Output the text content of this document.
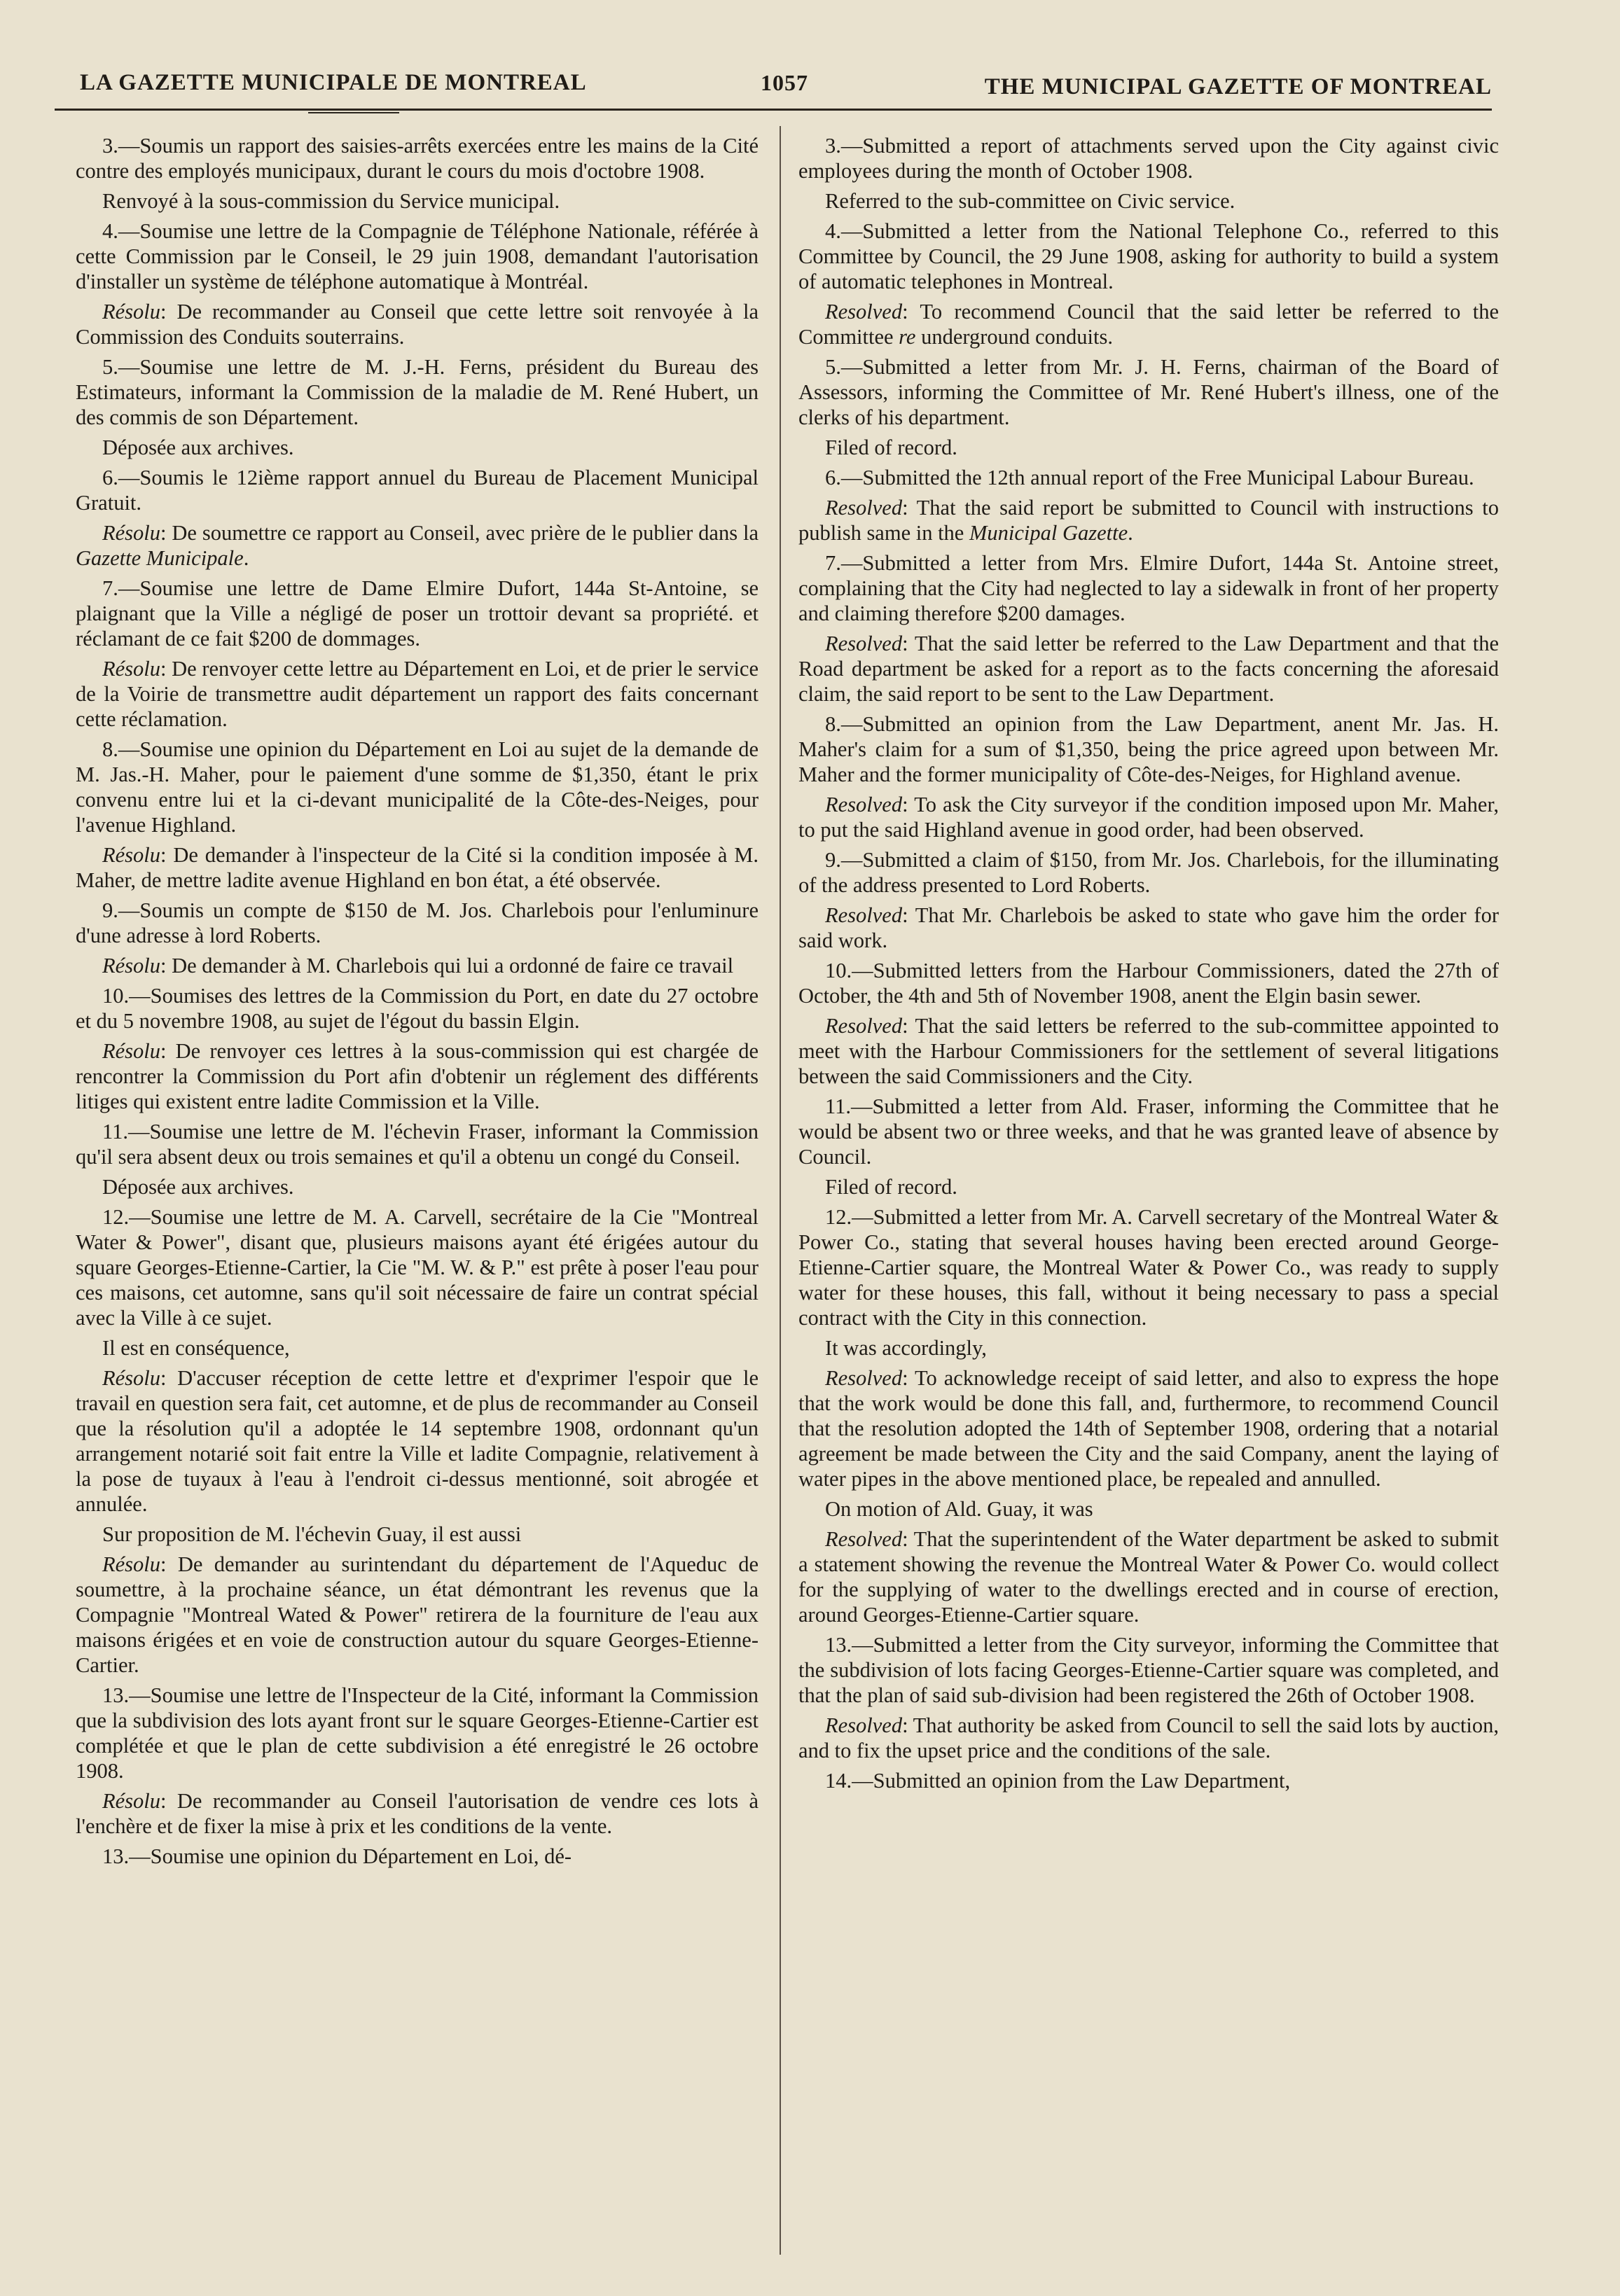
LA GAZETTE MUNICIPALE DE MONTREAL	1057	THE MUNICIPAL GAZETTE OF MONTREAL

3.—Soumis un rapport des saisies-arrêts exercées entre les mains de la Cité contre des employés municipaux, durant le cours du mois d'octobre 1908.

Renvoyé à la sous-commission du Service municipal.

4.—Soumise une lettre de la Compagnie de Téléphone Nationale, référée à cette Commission par le Conseil, le 29 juin 1908, demandant l'autorisation d'installer un système de téléphone automatique à Montréal.

Résolu: De recommander au Conseil que cette lettre soit renvoyée à la Commission des Conduits souterrains.

5.—Soumise une lettre de M. J.-H. Ferns, président du Bureau des Estimateurs, informant la Commission de la maladie de M. René Hubert, un des commis de son Département.

Déposée aux archives.

6.—Soumis le 12ième rapport annuel du Bureau de Placement Municipal Gratuit.

Résolu: De soumettre ce rapport au Conseil, avec prière de le publier dans la Gazette Municipale.

7.—Soumise une lettre de Dame Elmire Dufort, 144a St-Antoine, se plaignant que la Ville a négligé de poser un trottoir devant sa propriété. et réclamant de ce fait $200 de dommages.

Résolu: De renvoyer cette lettre au Département en Loi, et de prier le service de la Voirie de transmettre audit département un rapport des faits concernant cette réclamation.

8.—Soumise une opinion du Département en Loi au sujet de la demande de M. Jas.-H. Maher, pour le paiement d'une somme de $1,350, étant le prix convenu entre lui et la ci-devant municipalité de la Côte-des-Neiges, pour l'avenue Highland.

Résolu: De demander à l'inspecteur de la Cité si la condition imposée à M. Maher, de mettre ladite avenue Highland en bon état, a été observée.

9.—Soumis un compte de $150 de M. Jos. Charlebois pour l'enluminure d'une adresse à lord Roberts.

Résolu: De demander à M. Charlebois qui lui a ordonné de faire ce travail

10.—Soumises des lettres de la Commission du Port, en date du 27 octobre et du 5 novembre 1908, au sujet de l'égout du bassin Elgin.

Résolu: De renvoyer ces lettres à la sous-commission qui est chargée de rencontrer la Commission du Port afin d'obtenir un réglement des différents litiges qui existent entre ladite Commission et la Ville.

11.—Soumise une lettre de M. l'échevin Fraser, informant la Commission qu'il sera absent deux ou trois semaines et qu'il a obtenu un congé du Conseil.

Déposée aux archives.

12.—Soumise une lettre de M. A. Carvell, secrétaire de la Cie "Montreal Water & Power", disant que, plusieurs maisons ayant été érigées autour du square Georges-Etienne-Cartier, la Cie "M. W. & P." est prête à poser l'eau pour ces maisons, cet automne, sans qu'il soit nécessaire de faire un contrat spécial avec la Ville à ce sujet.

Il est en conséquence,

Résolu: D'accuser réception de cette lettre et d'exprimer l'espoir que le travail en question sera fait, cet automne, et de plus de recommander au Conseil que la résolution qu'il a adoptée le 14 septembre 1908, ordonnant qu'un arrangement notarié soit fait entre la Ville et ladite Compagnie, relativement à la pose de tuyaux à l'eau à l'endroit ci-dessus mentionné, soit abrogée et annulée.

Sur proposition de M. l'échevin Guay, il est aussi

Résolu: De demander au surintendant du département de l'Aqueduc de soumettre, à la prochaine séance, un état démontrant les revenus que la Compagnie "Montreal Wated & Power" retirera de la fourniture de l'eau aux maisons érigées et en voie de construction autour du square Georges-Etienne-Cartier.

13.—Soumise une lettre de l'Inspecteur de la Cité, informant la Commission que la subdivision des lots ayant front sur le square Georges-Etienne-Cartier est complétée et que le plan de cette subdivision a été enregistré le 26 octobre 1908.

Résolu: De recommander au Conseil l'autorisation de vendre ces lots à l'enchère et de fixer la mise à prix et les conditions de la vente.

13.—Soumise une opinion du Département en Loi, dé-

3.—Submitted a report of attachments served upon the City against civic employees during the month of October 1908.

Referred to the sub-committee on Civic service.

4.—Submitted a letter from the National Telephone Co., referred to this Committee by Council, the 29 June 1908, asking for authority to build a system of automatic telephones in Montreal.

Resolved: To recommend Council that the said letter be referred to the Committee re underground conduits.

5.—Submitted a letter from Mr. J. H. Ferns, chairman of the Board of Assessors, informing the Committee of Mr. René Hubert's illness, one of the clerks of his department.

Filed of record.

6.—Submitted the 12th annual report of the Free Municipal Labour Bureau.

Resolved: That the said report be submitted to Council with instructions to publish same in the Municipal Gazette.

7.—Submitted a letter from Mrs. Elmire Dufort, 144a St. Antoine street, complaining that the City had neglected to lay a sidewalk in front of her property and claiming therefore $200 damages.

Resolved: That the said letter be referred to the Law Department and that the Road department be asked for a report as to the facts concerning the aforesaid claim, the said report to be sent to the Law Department.

8.—Submitted an opinion from the Law Department, anent Mr. Jas. H. Maher's claim for a sum of $1,350, being the price agreed upon between Mr. Maher and the former municipality of Côte-des-Neiges, for Highland avenue.

Resolved: To ask the City surveyor if the condition imposed upon Mr. Maher, to put the said Highland avenue in good order, had been observed.

9.—Submitted a claim of $150, from Mr. Jos. Charlebois, for the illuminating of the address presented to Lord Roberts.

Resolved: That Mr. Charlebois be asked to state who gave him the order for said work.

10.—Submitted letters from the Harbour Commissioners, dated the 27th of October, the 4th and 5th of November 1908, anent the Elgin basin sewer.

Resolved: That the said letters be referred to the sub-committee appointed to meet with the Harbour Commissioners for the settlement of several litigations between the said Commissioners and the City.

11.—Submitted a letter from Ald. Fraser, informing the Committee that he would be absent two or three weeks, and that he was granted leave of absence by Council.

Filed of record.

12.—Submitted a letter from Mr. A. Carvell secretary of the Montreal Water & Power Co., stating that several houses having been erected around George-Etienne-Cartier square, the Montreal Water & Power Co., was ready to supply water for these houses, this fall, without it being necessary to pass a special contract with the City in this connection.

It was accordingly,

Resolved: To acknowledge receipt of said letter, and also to express the hope that the work would be done this fall, and, furthermore, to recommend Council that the resolution adopted the 14th of September 1908, ordering that a notarial agreement be made between the City and the said Company, anent the laying of water pipes in the above mentioned place, be repealed and annulled.

On motion of Ald. Guay, it was

Resolved: That the superintendent of the Water department be asked to submit a statement showing the revenue the Montreal Water & Power Co. would collect for the supplying of water to the dwellings erected and in course of erection, around Georges-Etienne-Cartier square.

13.—Submitted a letter from the City surveyor, informing the Committee that the subdivision of lots facing Georges-Etienne-Cartier square was completed, and that the plan of said sub-division had been registered the 26th of October 1908.

Resolved: That authority be asked from Council to sell the said lots by auction, and to fix the upset price and the conditions of the sale.

14.—Submitted an opinion from the Law Department,
